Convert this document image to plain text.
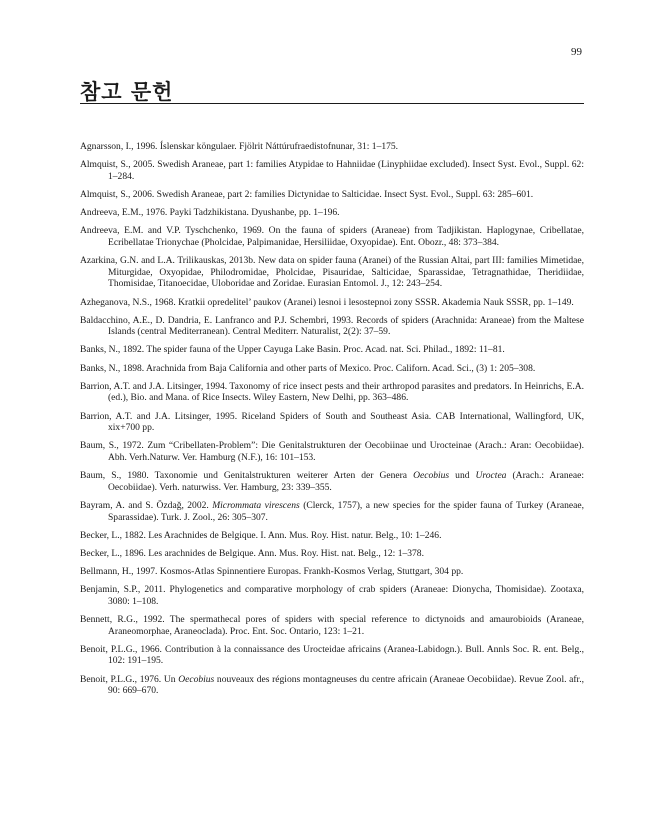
99
참고 문헌
Agnarsson, I., 1996. Íslenskar köngulaer. Fjölrit Náttúrufraedistofnunar, 31: 1–175.
Almquist, S., 2005. Swedish Araneae, part 1: families Atypidae to Hahniidae (Linyphiidae excluded). Insect Syst. Evol., Suppl. 62: 1–284.
Almquist, S., 2006. Swedish Araneae, part 2: families Dictynidae to Salticidae. Insect Syst. Evol., Suppl. 63: 285–601.
Andreeva, E.M., 1976. Payki Tadzhikistana. Dyushanbe, pp. 1–196.
Andreeva, E.M. and V.P. Tyschchenko, 1969. On the fauna of spiders (Araneae) from Tadjikistan. Haplogynae, Cribellatae, Ecribellatae Trionychae (Pholcidae, Palpimanidae, Hersiliidae, Oxyopidae). Ent. Obozr., 48: 373–384.
Azarkina, G.N. and L.A. Trilikauskas, 2013b. New data on spider fauna (Aranei) of the Russian Altai, part III: families Mimetidae, Miturgidae, Oxyopidae, Philodromidae, Pholcidae, Pisauridae, Salticidae, Sparassidae, Tetragnathidae, Theridiidae, Thomisidae, Titanoecidae, Uloboridae and Zoridae. Eurasian Entomol. J., 12: 243–254.
Azheganova, N.S., 1968. Kratkii opredelitel’ paukov (Aranei) lesnoi i lesostepnoi zony SSSR. Akademia Nauk SSSR, pp. 1–149.
Baldacchino, A.E., D. Dandria, E. Lanfranco and P.J. Schembri, 1993. Records of spiders (Arachnida: Araneae) from the Maltese Islands (central Mediterranean). Central Mediterr. Naturalist, 2(2): 37–59.
Banks, N., 1892. The spider fauna of the Upper Cayuga Lake Basin. Proc. Acad. nat. Sci. Philad., 1892: 11–81.
Banks, N., 1898. Arachnida from Baja California and other parts of Mexico. Proc. Californ. Acad. Sci., (3) 1: 205–308.
Barrion, A.T. and J.A. Litsinger, 1994. Taxonomy of rice insect pests and their arthropod parasites and predators. In Heinrichs, E.A. (ed.), Bio. and Mana. of Rice Insects. Wiley Eastern, New Delhi, pp. 363–486.
Barrion, A.T. and J.A. Litsinger, 1995. Riceland Spiders of South and Southeast Asia. CAB International, Wallingford, UK, xix+700 pp.
Baum, S., 1972. Zum “Cribellaten-Problem”: Die Genitalstrukturen der Oecobiinae und Urocteinae (Arach.: Aran: Oecobiidae). Abh. Verh.Naturw. Ver. Hamburg (N.F.), 16: 101–153.
Baum, S., 1980. Taxonomie und Genitalstrukturen weiterer Arten der Genera Oecobius und Uroctea (Arach.: Araneae: Oecobiidae). Verh. naturwiss. Ver. Hamburg, 23: 339–355.
Bayram, A. and S. Özdağ, 2002. Micrommata virescens (Clerck, 1757), a new species for the spider fauna of Turkey (Araneae, Sparassidae). Turk. J. Zool., 26: 305–307.
Becker, L., 1882. Les Arachnides de Belgique. I. Ann. Mus. Roy. Hist. natur. Belg., 10: 1–246.
Becker, L., 1896. Les arachnides de Belgique. Ann. Mus. Roy. Hist. nat. Belg., 12: 1–378.
Bellmann, H., 1997. Kosmos-Atlas Spinnentiere Europas. Frankh-Kosmos Verlag, Stuttgart, 304 pp.
Benjamin, S.P., 2011. Phylogenetics and comparative morphology of crab spiders (Araneae: Dionycha, Thomisidae). Zootaxa, 3080: 1–108.
Bennett, R.G., 1992. The spermathecal pores of spiders with special reference to dictynoids and amaurobioids (Araneae, Araneomorphae, Araneoclada). Proc. Ent. Soc. Ontario, 123: 1–21.
Benoit, P.L.G., 1966. Contribution à la connaissance des Urocteidae africains (Aranea-Labidogn.). Bull. Annls Soc. R. ent. Belg., 102: 191–195.
Benoit, P.L.G., 1976. Un Oecobius nouveaux des régions montagneuses du centre africain (Araneae Oecobiidae). Revue Zool. afr., 90: 669–670.
